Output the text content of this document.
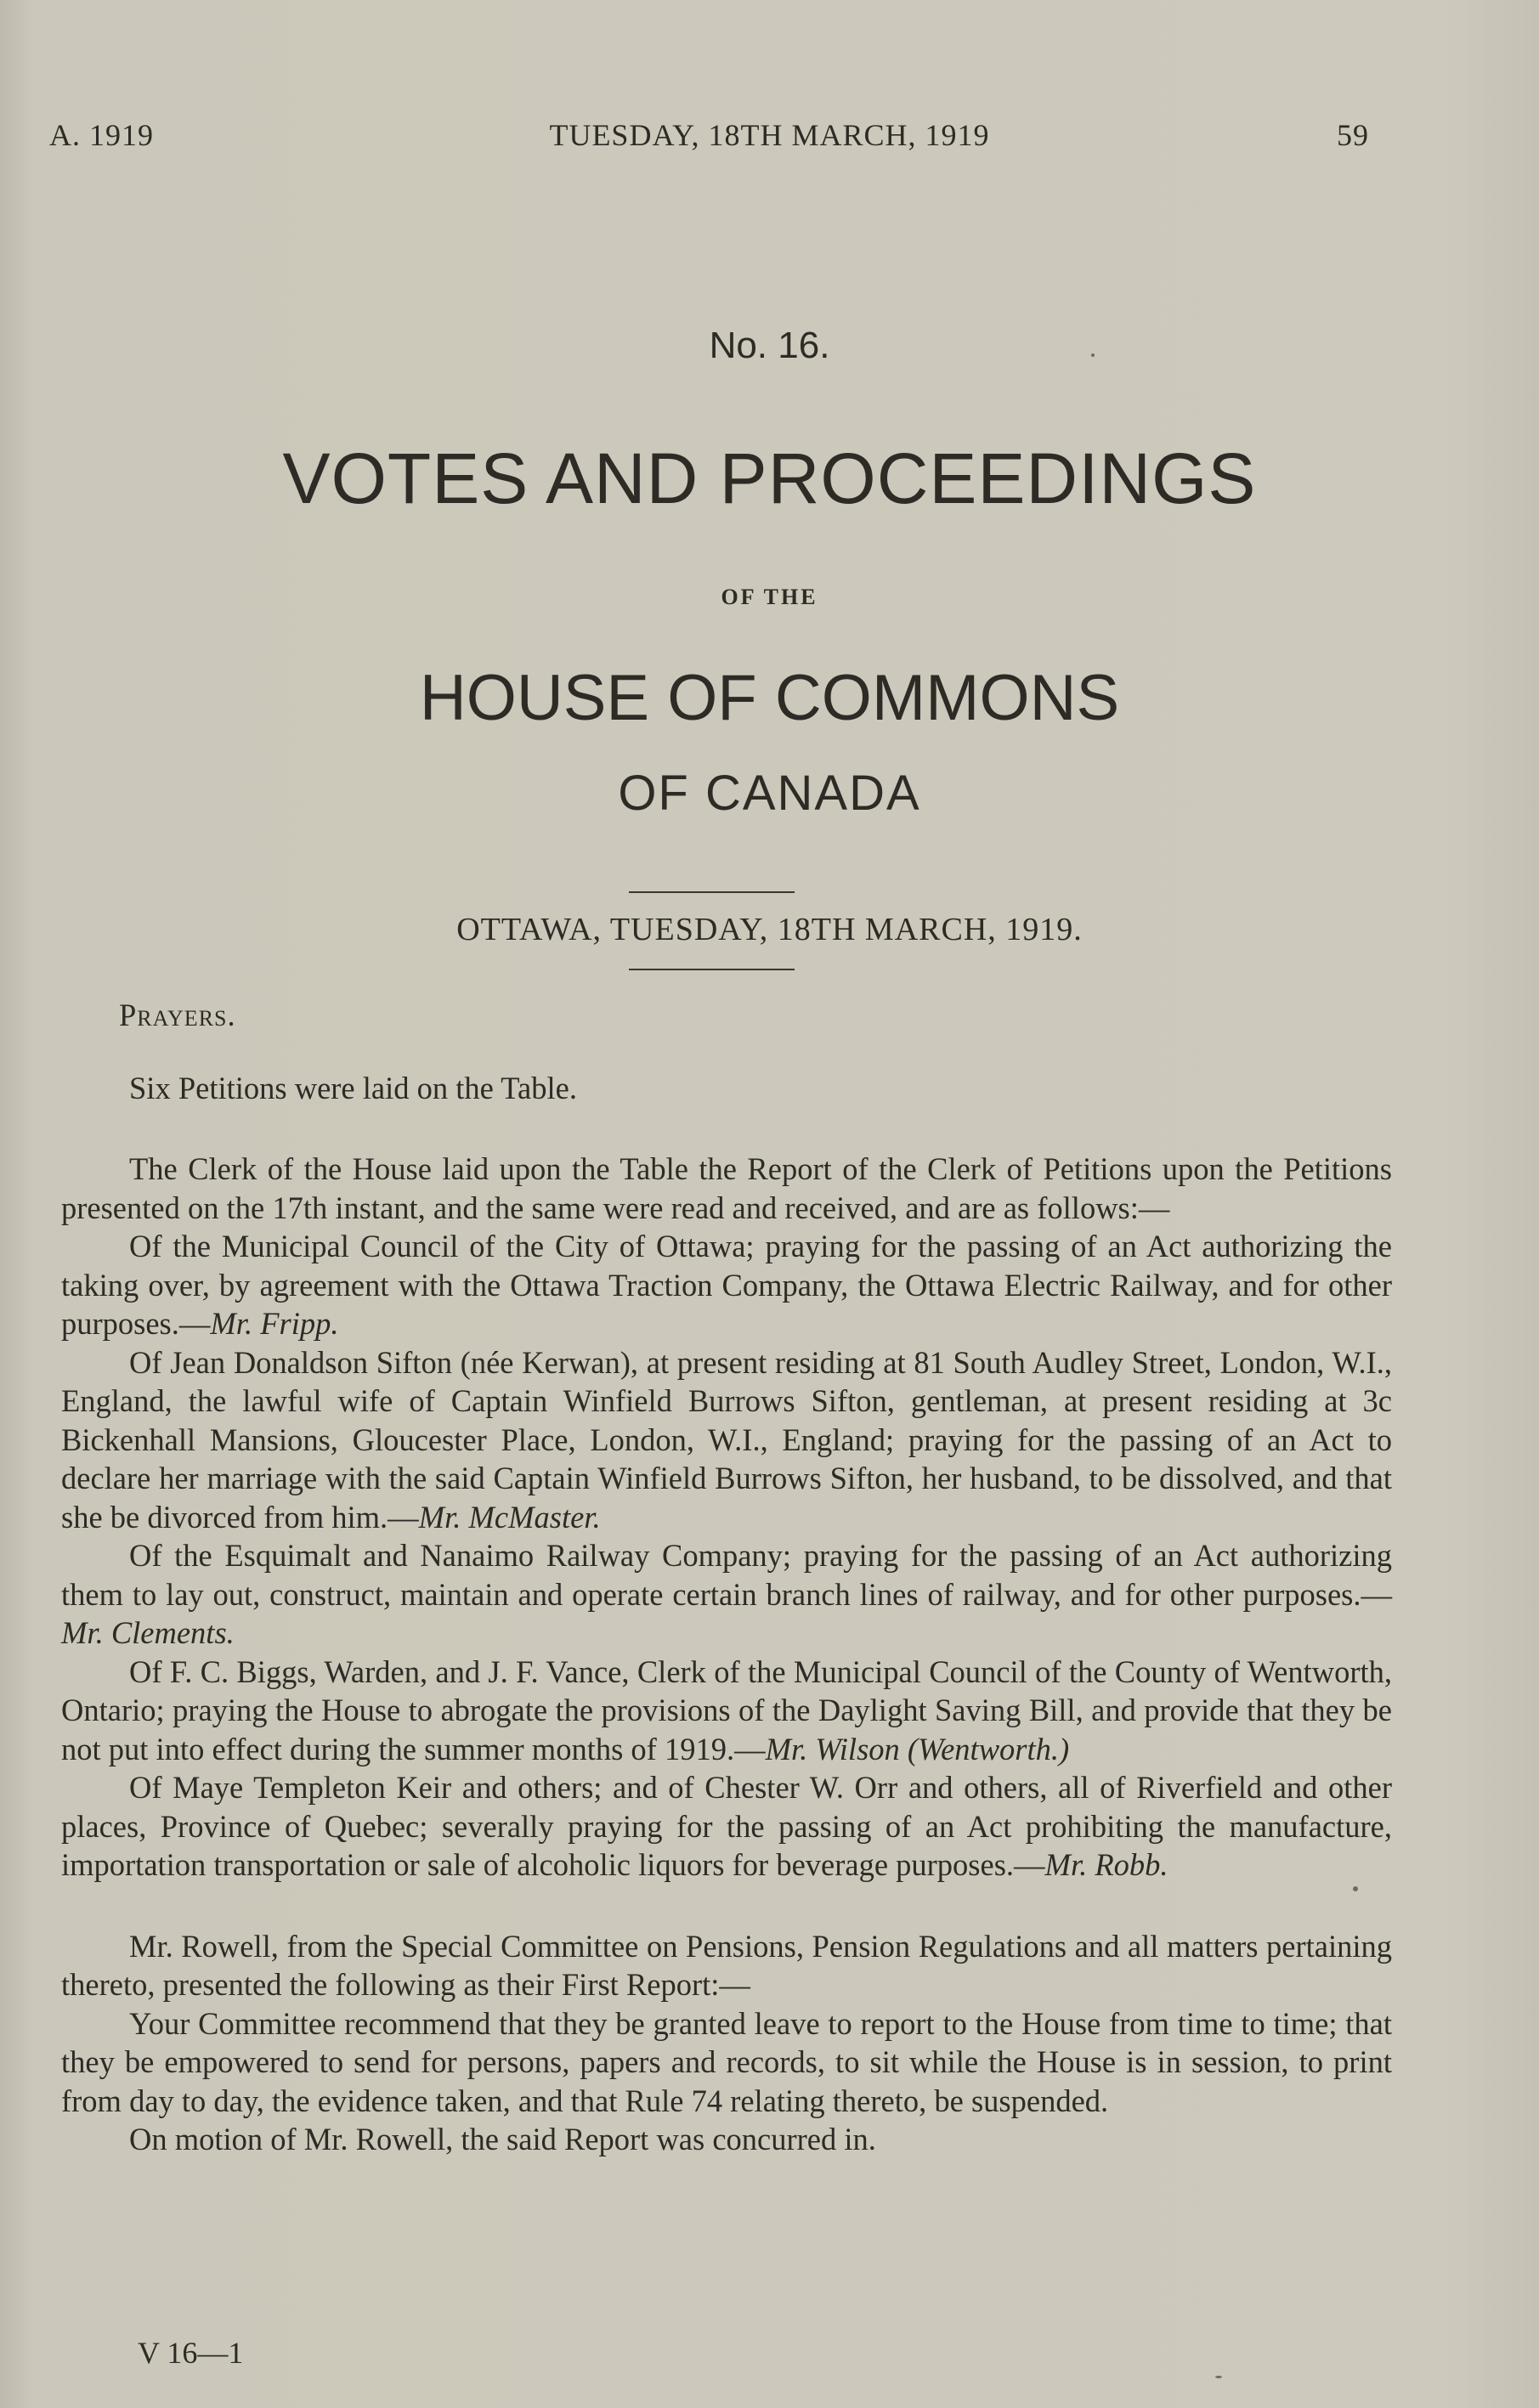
A. 1919	TUESDAY, 18TH MARCH, 1919	59
No. 16.
VOTES AND PROCEEDINGS
OF THE
HOUSE OF COMMONS
OF CANADA
OTTAWA, TUESDAY, 18TH MARCH, 1919.

Prayers.

Six Petitions were laid on the Table.

The Clerk of the House laid upon the Table the Report of the Clerk of Petitions upon the Petitions presented on the 17th instant, and the same were read and received, and are as follows:—

Of the Municipal Council of the City of Ottawa; praying for the passing of an Act authorizing the taking over, by agreement with the Ottawa Traction Company, the Ottawa Electric Railway, and for other purposes.—Mr. Fripp.

Of Jean Donaldson Sifton (née Kerwan), at present residing at 81 South Audley Street, London, W.I., England, the lawful wife of Captain Winfield Burrows Sifton, gentleman, at present residing at 3c Bickenhall Mansions, Gloucester Place, London, W.I., England; praying for the passing of an Act to declare her marriage with the said Captain Winfield Burrows Sifton, her husband, to be dissolved, and that she be divorced from him.—Mr. McMaster.

Of the Esquimalt and Nanaimo Railway Company; praying for the passing of an Act authorizing them to lay out, construct, maintain and operate certain branch lines of railway, and for other purposes.—Mr. Clements.

Of F. C. Biggs, Warden, and J. F. Vance, Clerk of the Municipal Council of the County of Wentworth, Ontario; praying the House to abrogate the provisions of the Daylight Saving Bill, and provide that they be not put into effect during the summer months of 1919.—Mr. Wilson (Wentworth.)

Of Maye Templeton Keir and others; and of Chester W. Orr and others, all of Riverfield and other places, Province of Quebec; severally praying for the passing of an Act prohibiting the manufacture, importation transportation or sale of alcoholic liquors for beverage purposes.—Mr. Robb.

Mr. Rowell, from the Special Committee on Pensions, Pension Regulations and all matters pertaining thereto, presented the following as their First Report:—

Your Committee recommend that they be granted leave to report to the House from time to time; that they be empowered to send for persons, papers and records, to sit while the House is in session, to print from day to day, the evidence taken, and that Rule 74 relating thereto, be suspended.

On motion of Mr. Rowell, the said Report was concurred in.

V 16—1
